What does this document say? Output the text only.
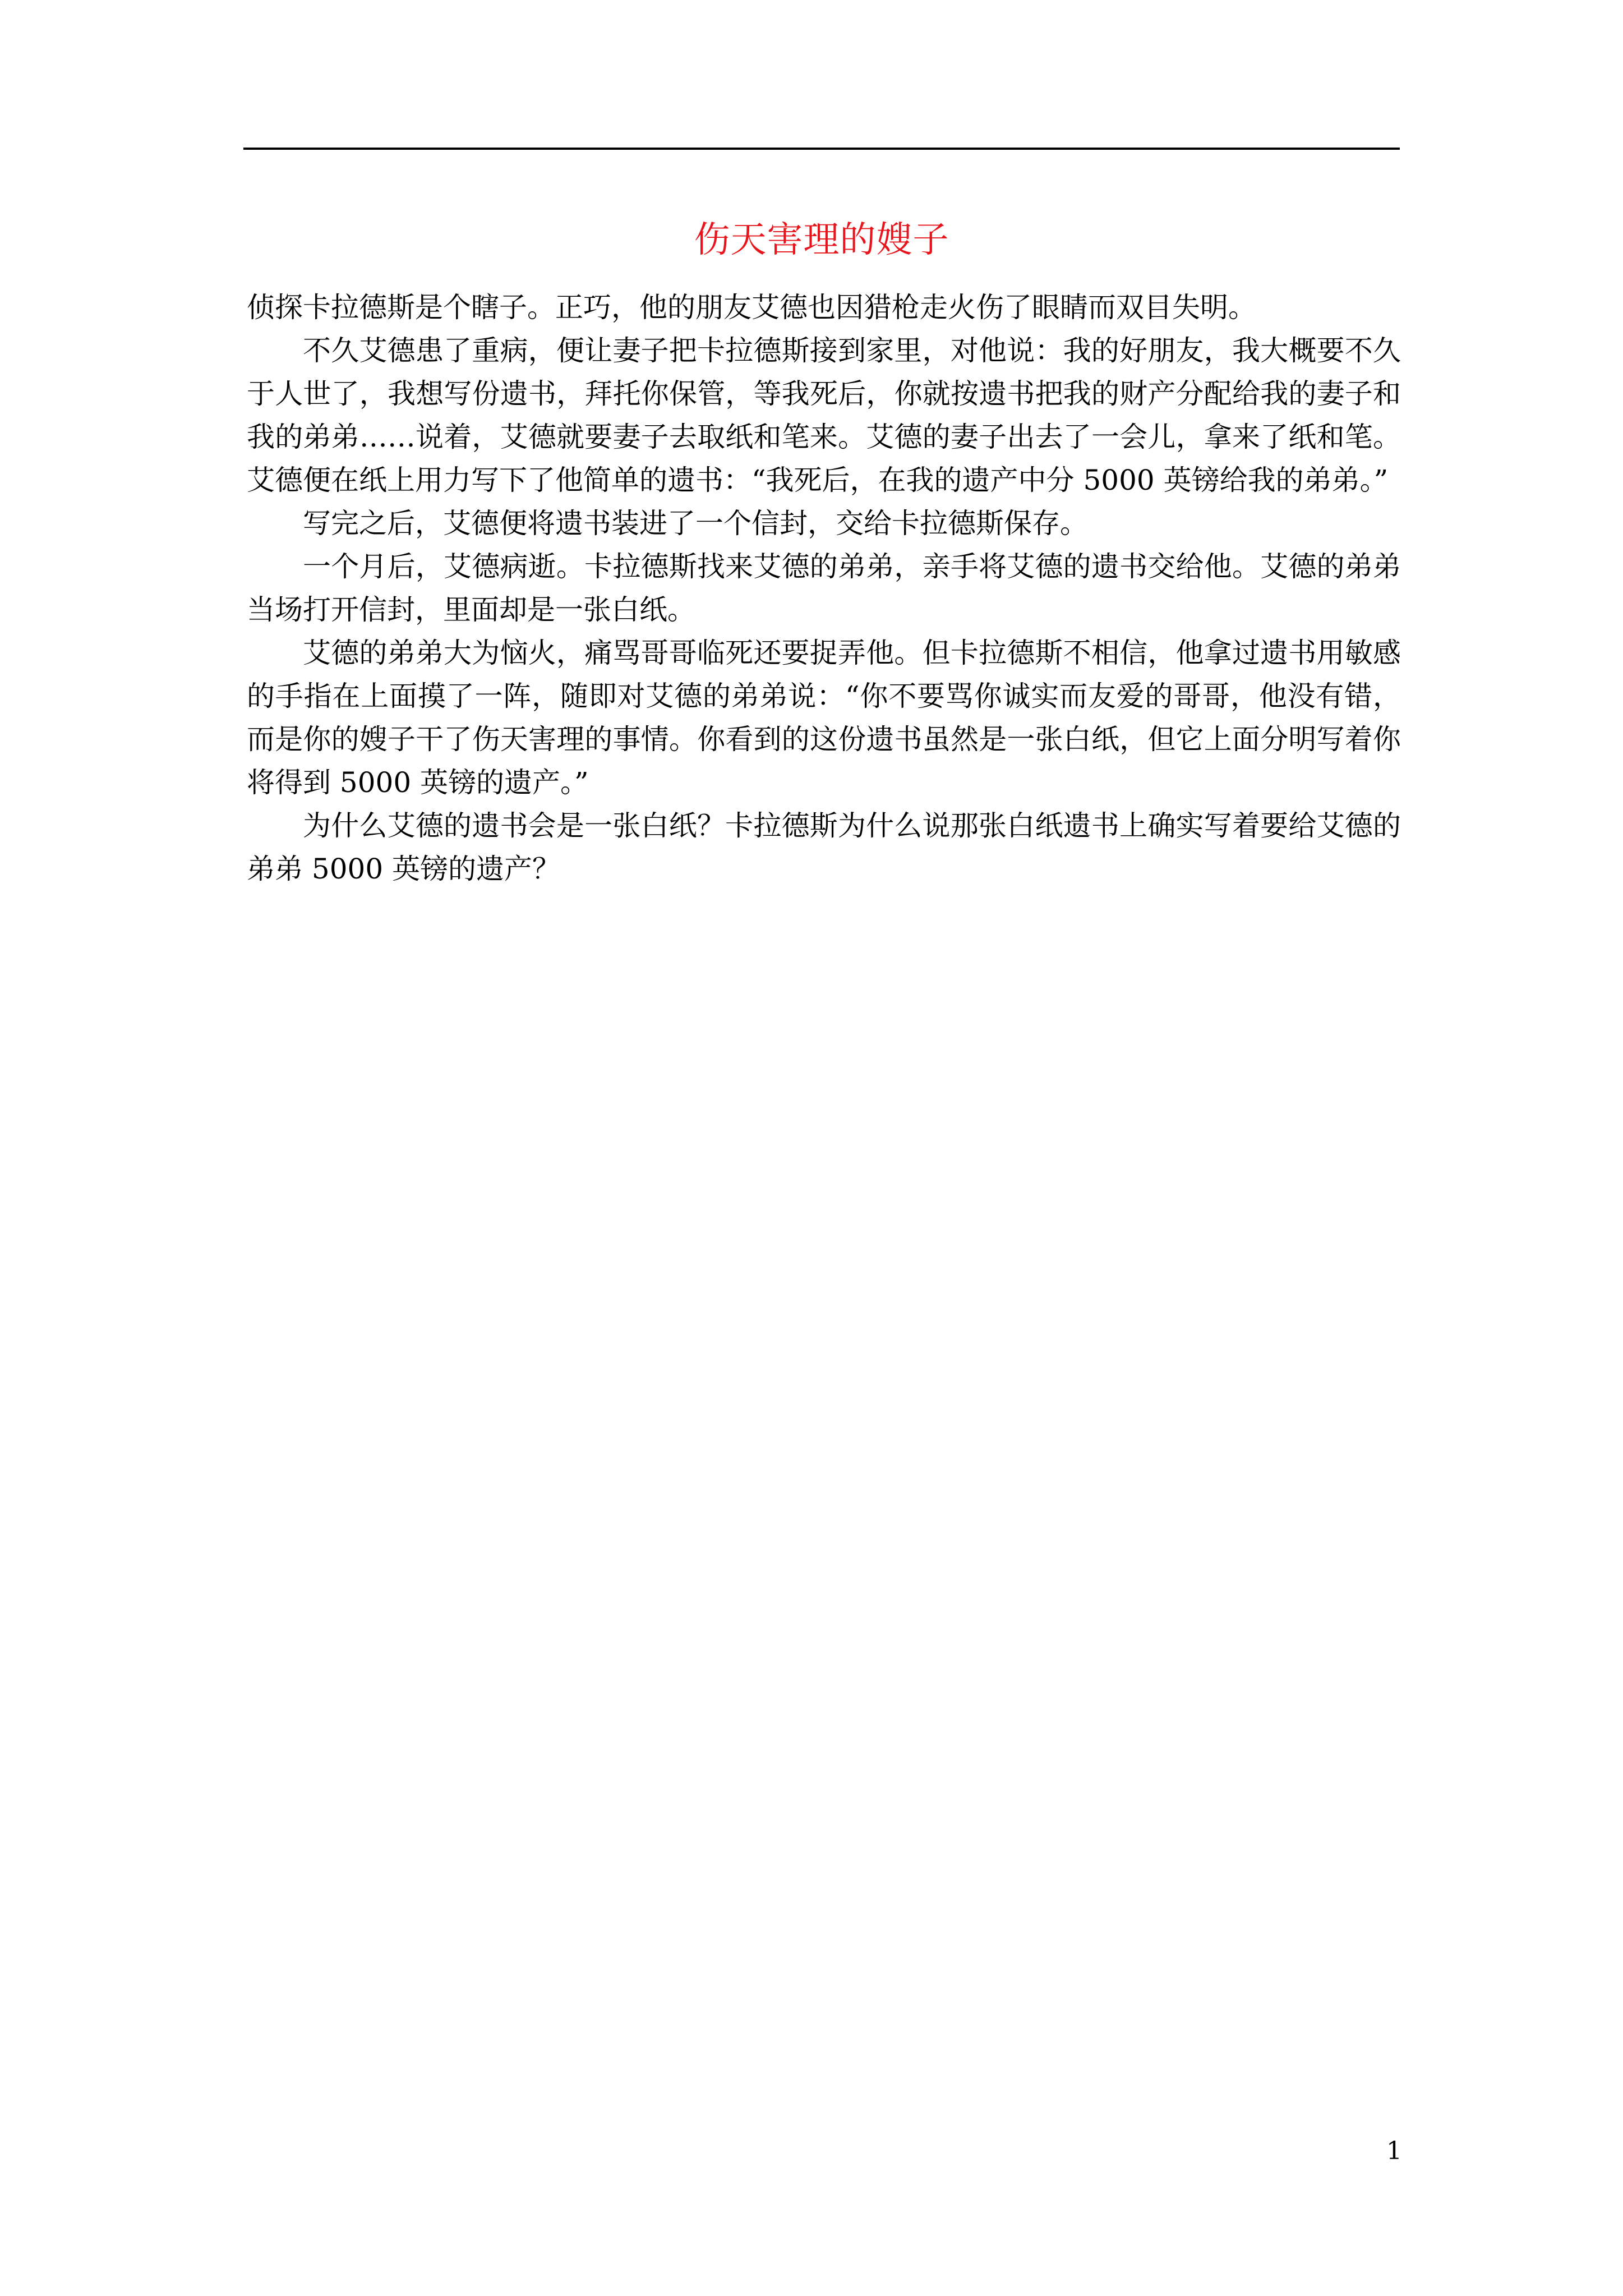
伤天害理的嫂子

侦探卡拉德斯是个瞎子。正巧，他的朋友艾德也因猎枪走火伤了眼睛而双目失明。

不久艾德患了重病，便让妻子把卡拉德斯接到家里，对他说：我的好朋友，我大概要不久于人世了，我想写份遗书，拜托你保管，等我死后，你就按遗书把我的财产分配给我的妻子和我的弟弟……说着，艾德就要妻子去取纸和笔来。艾德的妻子出去了一会儿，拿来了纸和笔。艾德便在纸上用力写下了他简单的遗书：“我死后，在我的遗产中分 5000 英镑给我的弟弟。”

写完之后，艾德便将遗书装进了一个信封，交给卡拉德斯保存。

一个月后，艾德病逝。卡拉德斯找来艾德的弟弟，亲手将艾德的遗书交给他。艾德的弟弟当场打开信封，里面却是一张白纸。

艾德的弟弟大为恼火，痛骂哥哥临死还要捉弄他。但卡拉德斯不相信，他拿过遗书用敏感的手指在上面摸了一阵，随即对艾德的弟弟说：“你不要骂你诚实而友爱的哥哥，他没有错，而是你的嫂子干了伤天害理的事情。你看到的这份遗书虽然是一张白纸，但它上面分明写着你将得到 5000 英镑的遗产。”

为什么艾德的遗书会是一张白纸？卡拉德斯为什么说那张白纸遗书上确实写着要给艾德的弟弟 5000 英镑的遗产？

1
